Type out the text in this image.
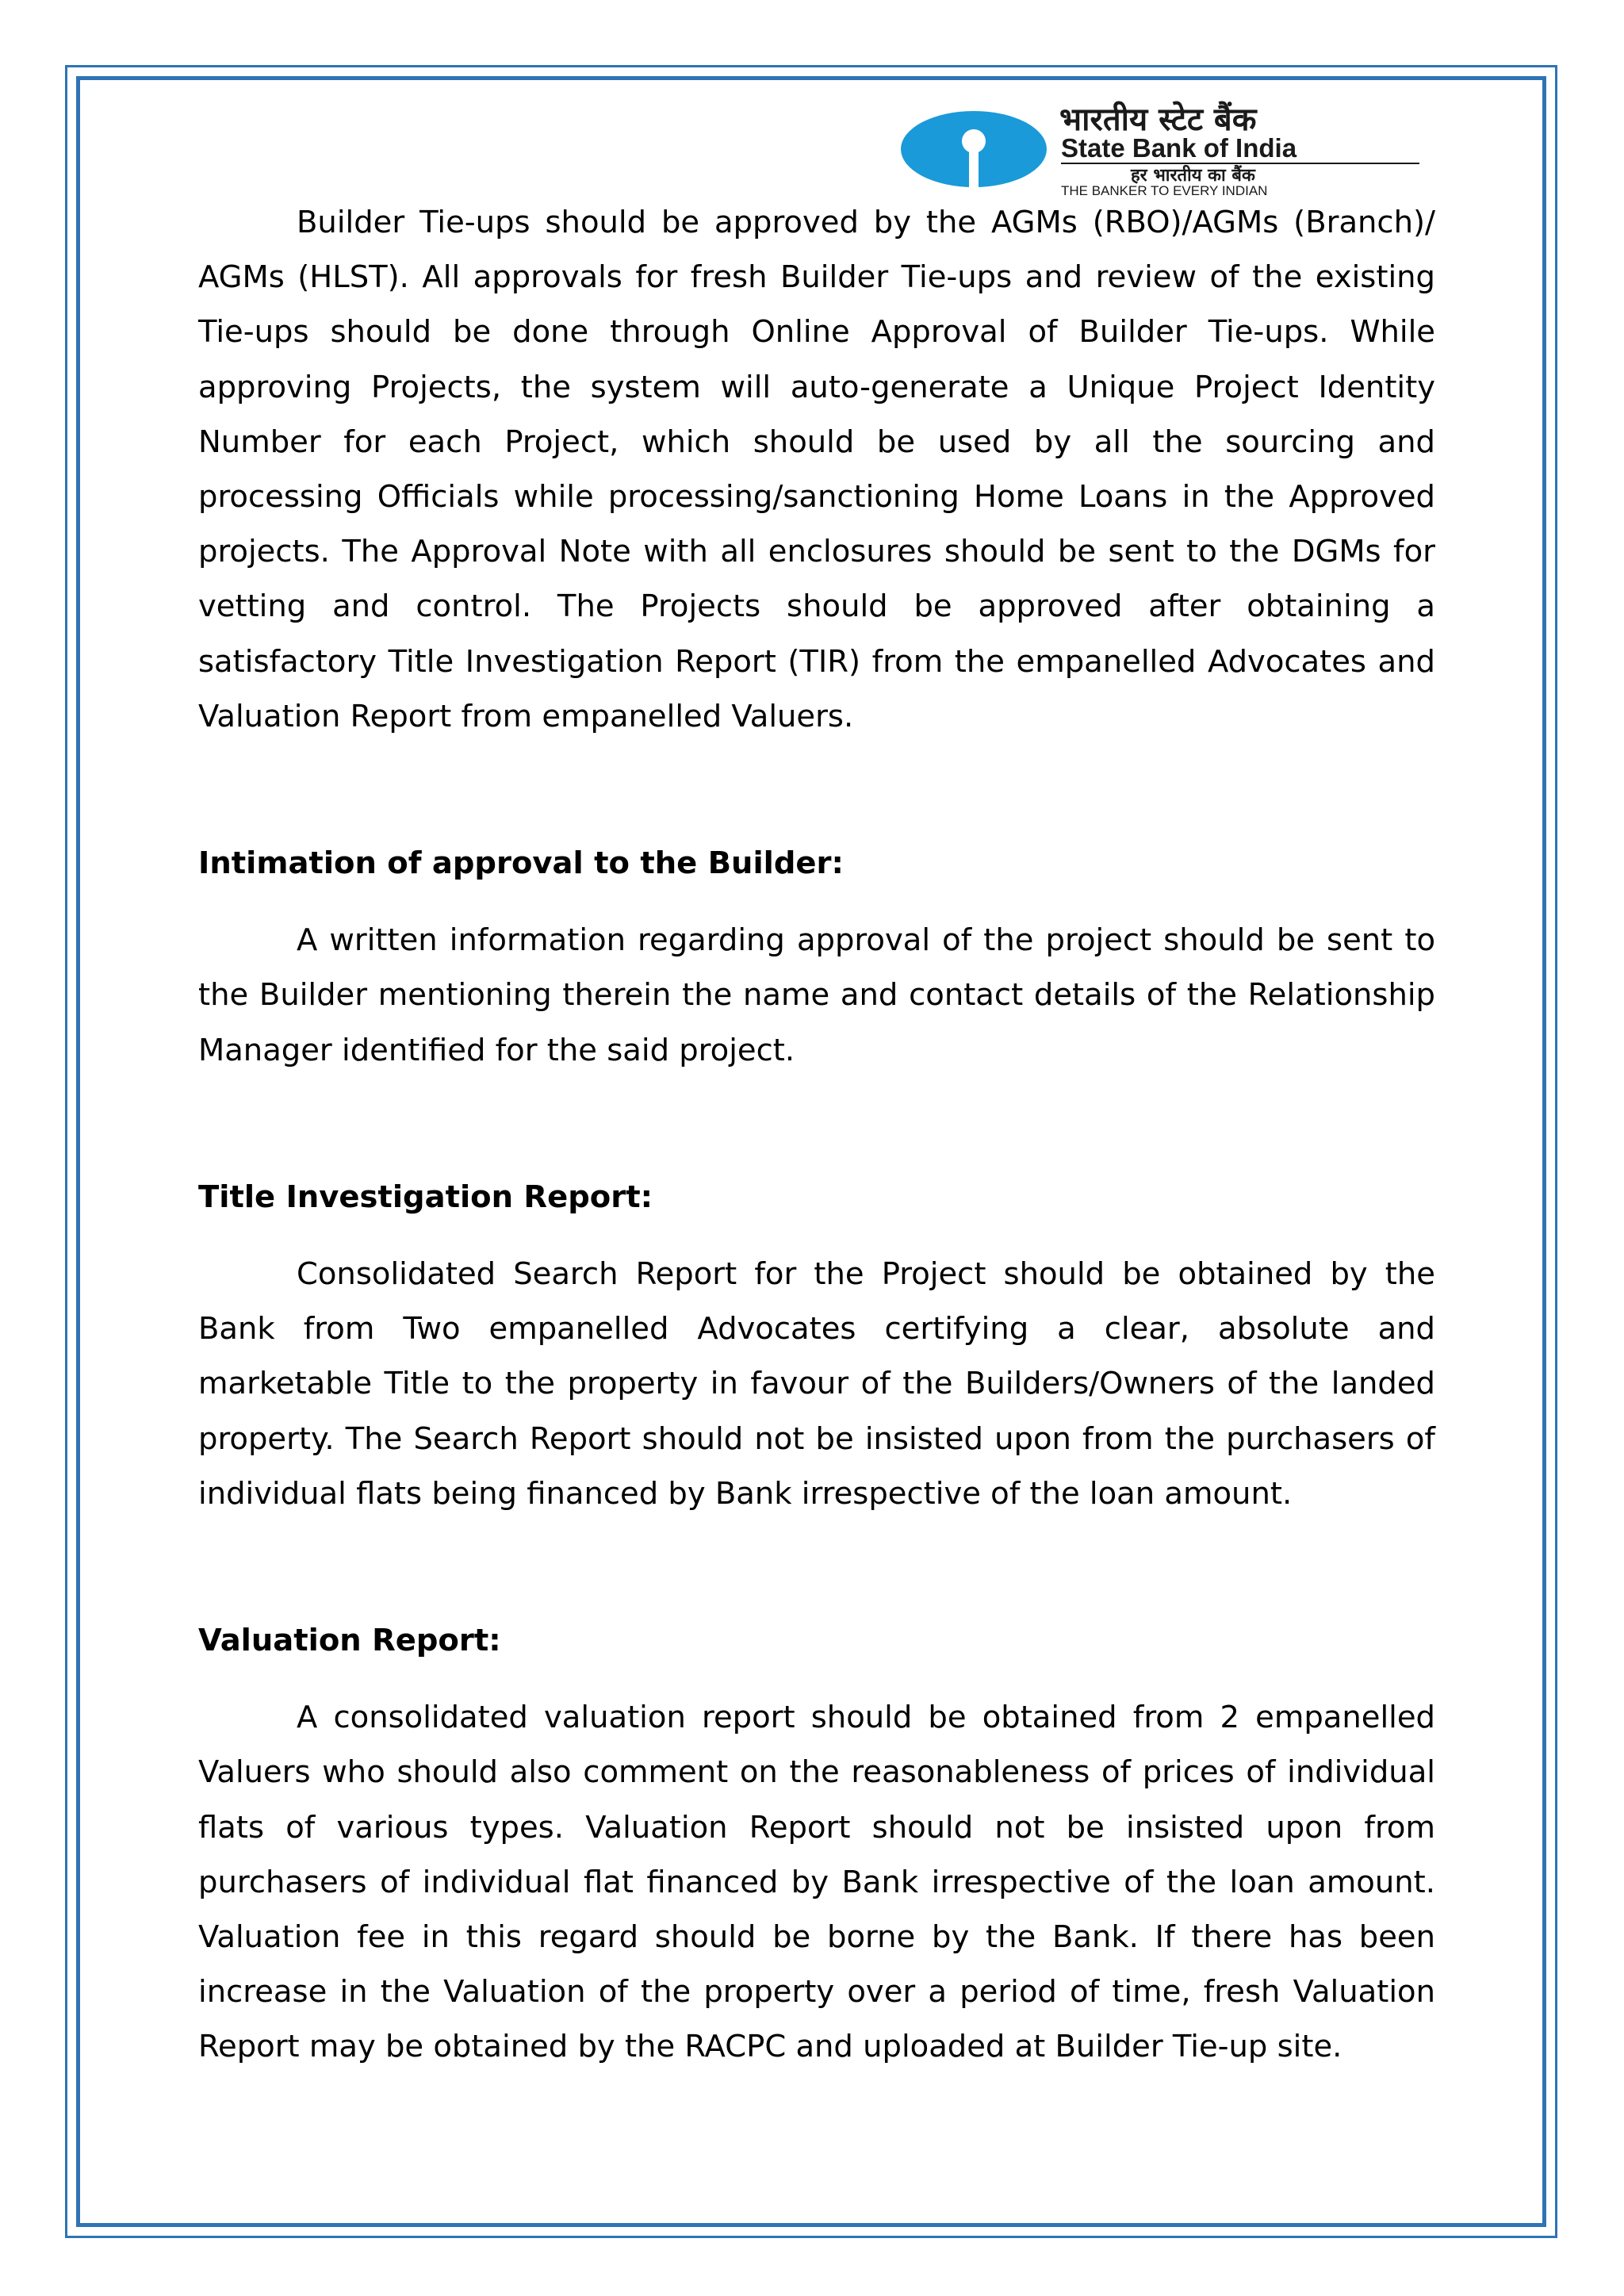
भारतीय स्टेट बैंक
State Bank of India
हर भारतीय का बैंक
THE BANKER TO EVERY INDIAN

Builder Tie-ups should be approved by the AGMs (RBO)/AGMs (Branch)/ AGMs (HLST). All approvals for fresh Builder Tie-ups and review of the existing Tie-ups should be done through Online Approval of Builder Tie-ups. While approving Projects, the system will auto-generate a Unique Project Identity Number for each Project, which should be used by all the sourcing and processing Officials while processing/sanctioning Home Loans in the Approved projects. The Approval Note with all enclosures should be sent to the DGMs for vetting and control. The Projects should be approved after obtaining a satisfactory Title Investigation Report (TIR) from the empanelled Advocates and Valuation Report from empanelled Valuers.

Intimation of approval to the Builder:

A written information regarding approval of the project should be sent to the Builder mentioning therein the name and contact details of the Relationship Manager identified for the said project.

Title Investigation Report:

Consolidated Search Report for the Project should be obtained by the Bank from Two empanelled Advocates certifying a clear, absolute and marketable Title to the property in favour of the Builders/Owners of the landed property. The Search Report should not be insisted upon from the purchasers of individual flats being financed by Bank irrespective of the loan amount.

Valuation Report:

A consolidated valuation report should be obtained from 2 empanelled Valuers who should also comment on the reasonableness of prices of individual flats of various types. Valuation Report should not be insisted upon from purchasers of individual flat financed by Bank irrespective of the loan amount. Valuation fee in this regard should be borne by the Bank. If there has been increase in the Valuation of the property over a period of time, fresh Valuation Report may be obtained by the RACPC and uploaded at Builder Tie-up site.
